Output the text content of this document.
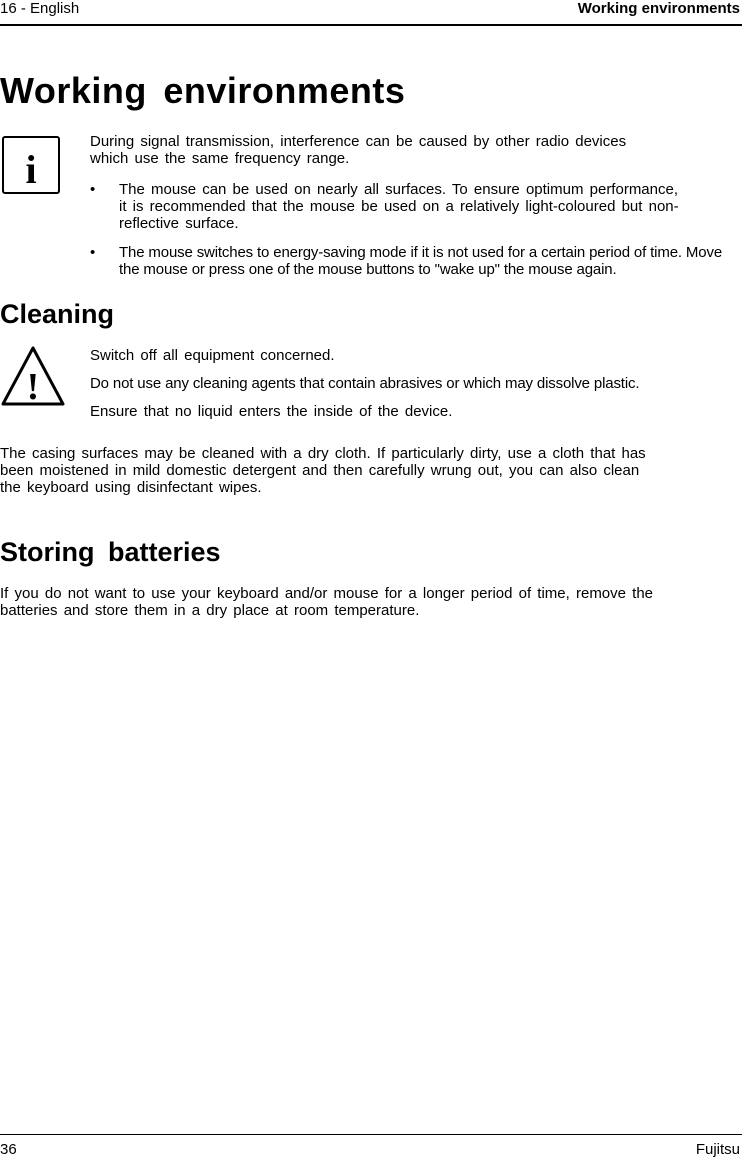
16 - English	Working environments
Working environments
i
During signal transmission, interference can be caused by other radio devices which use the same frequency range.
• The mouse can be used on nearly all surfaces. To ensure optimum performance, it is recommended that the mouse be used on a relatively light-coloured but non-reflective surface.
• The mouse switches to energy-saving mode if it is not used for a certain period of time. Move the mouse or press one of the mouse buttons to "wake up" the mouse again.
Cleaning
!
Switch off all equipment concerned.
Do not use any cleaning agents that contain abrasives or which may dissolve plastic.
Ensure that no liquid enters the inside of the device.
The casing surfaces may be cleaned with a dry cloth. If particularly dirty, use a cloth that has been moistened in mild domestic detergent and then carefully wrung out, you can also clean the keyboard using disinfectant wipes.
Storing batteries
If you do not want to use your keyboard and/or mouse for a longer period of time, remove the batteries and store them in a dry place at room temperature.
36	Fujitsu
